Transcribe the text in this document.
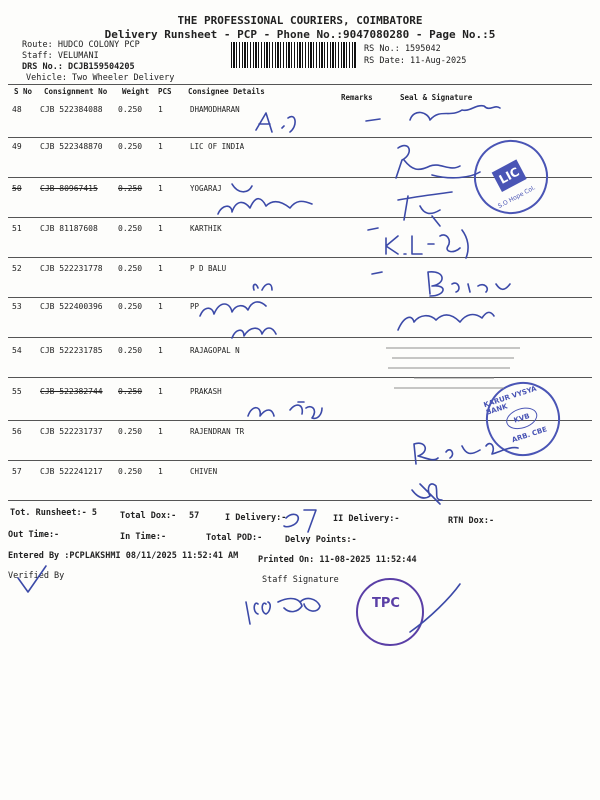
THE PROFESSIONAL COURIERS, COIMBATORE
Delivery Runsheet - PCP - Phone No.:9047080280 - Page No.:5
Route: HUDCO COLONY PCP
Staff: VELUMANI
DRS No.: DCJB159504205
Vehicle: Two Wheeler Delivery
RS No.: 1595042
RS Date: 11-Aug-2025
S No Consignment No Weight PCS Consignee Details
Remarks	Seal & Signature
48 CJB 522384088 0.250 1	DHAMODHARAN
49 CJB 522348870 0.250 1	LIC OF INDIA
50 CJB 80967415	0.250 1	YOGARAJ
51 CJB 81187608	0.250 1	KARTHIK
52 CJB 522231778 0.250 1	P D BALU
53 CJB 522400396 0.250 1	PP
54 CJB 522231785 0.250 1	RAJAGOPAL N
55 CJB 522382744 0.250 1	PRAKASH
56 CJB 522231737 0.250 1	RAJENDRAN TR
57 CJB 522241217 0.250 1	CHIVEN
Tot. Runsheet:- 5	Total Dox:- 57	I Delivery:-	II Delivery:-	RTN Dox:-
Out Time:-	In Time:-	Total POD:-	Delvy Points:-
Entered By :PCPLAKSHMI 08/11/2025 11:52:41 AM Printed On: 11-08-2025 11:52:44
Verified By	Staff Signature
LIC
S.O Hope Col.
KARUR VYSYA BANK
KVB
ARB. CBE
TPC
